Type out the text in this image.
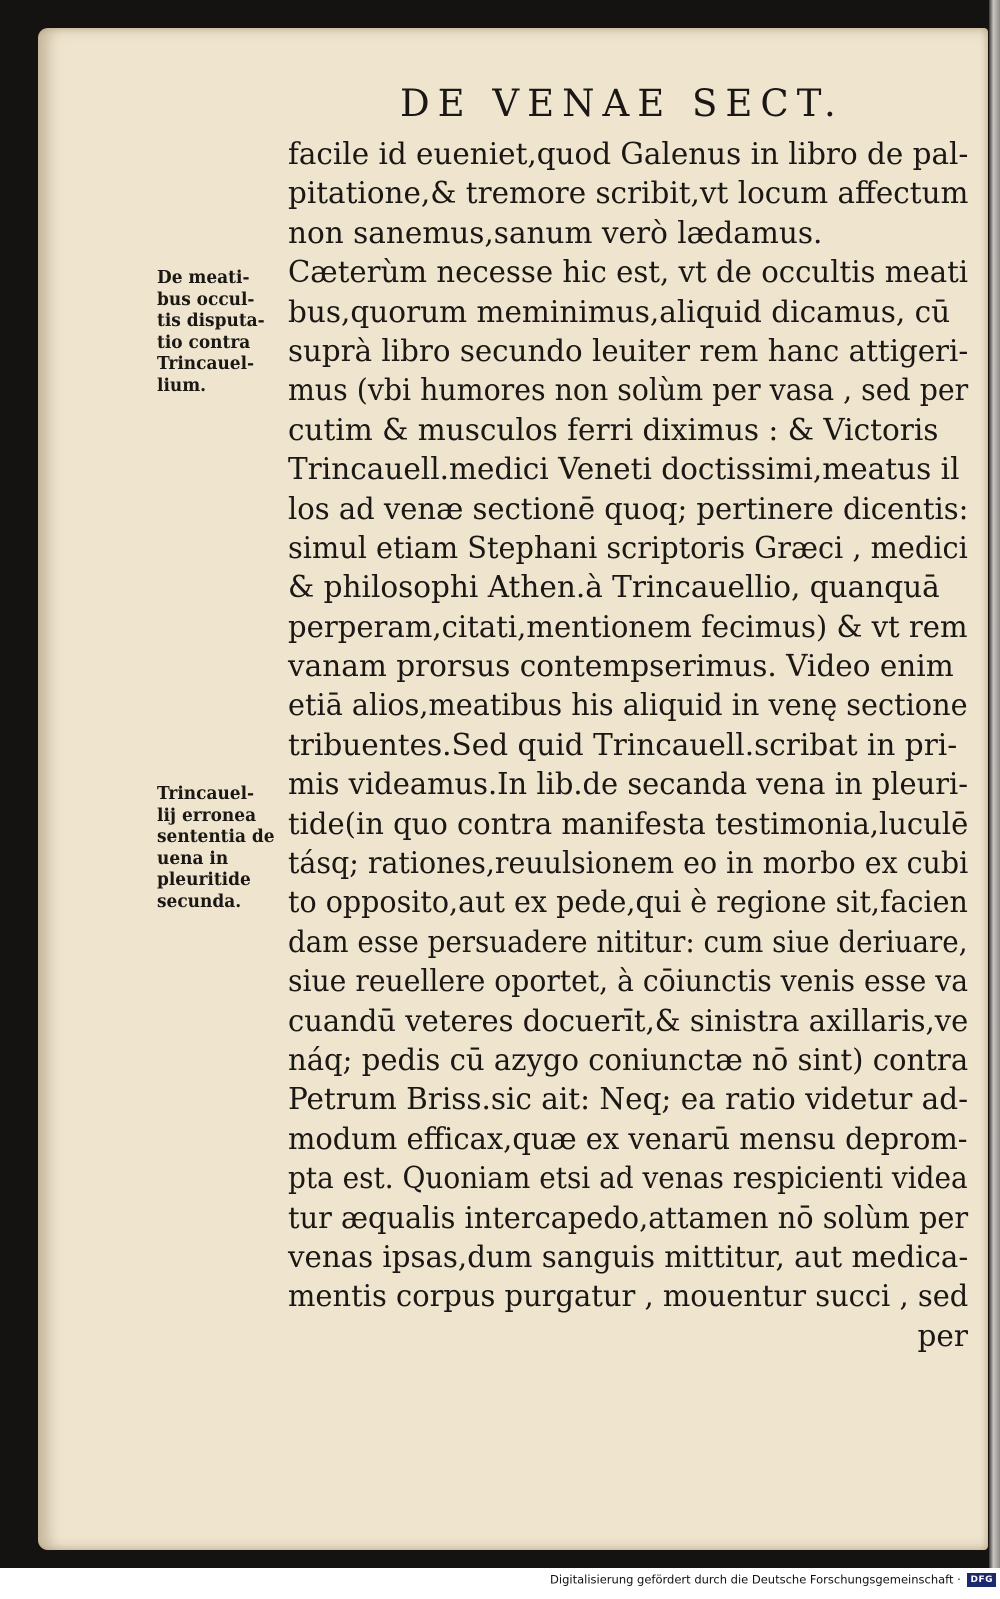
DE VENAE SECT.
facile id eueniet,quod Galenus in libro de pal-
pitatione,& tremore scribit,vt locum affectum
non sanemus,sanum verò lædamus.
Cæterùm necesse hic est, vt de occultis meati
bus,quorum meminimus,aliquid dicamus, cū
suprà libro secundo leuiter rem hanc attigeri-
mus (vbi humores non solùm per vasa , sed per
cutim & musculos ferri diximus : & Victoris
Trincauell.medici Veneti doctissimi,meatus il
los ad venæ sectionē quoq; pertinere dicentis:
simul etiam Stephani scriptoris Græci , medici
& philosophi Athen.à Trincauellio, quanquā
perperam,citati,mentionem fecimus) & vt rem
vanam prorsus contempserimus. Video enim
etiā alios,meatibus his aliquid in venę sectione
tribuentes.Sed quid Trincauell.scribat in pri-
mis videamus.In lib.de secanda vena in pleuri-
tide(in quo contra manifesta testimonia,luculē
tásq; rationes,reuulsionem eo in morbo ex cubi
to opposito,aut ex pede,qui è regione sit,facien
dam esse persuadere nititur: cum siue deriuare,
siue reuellere oportet, à cōiunctis venis esse va
cuandū veteres docuerīt,& sinistra axillaris,ve
náq; pedis cū azygo coniunctæ nō sint) contra
Petrum Briss.sic ait: Neq; ea ratio videtur ad-
modum efficax,quæ ex venarū mensu deprom-
pta est. Quoniam etsi ad venas respicienti videa
tur æqualis intercapedo,attamen nō solùm per
venas ipsas,dum sanguis mittitur, aut medica-
mentis corpus purgatur , mouentur succi , sed
per
De meati-
bus occul-
tis disputa-
tio contra
Trincauel-
lium.
Trincauel-
lij erronea
sententia de
uena in
pleuritide
secunda.
Digitalisierung gefördert durch die Deutsche Forschungsgemeinschaft · DFG
